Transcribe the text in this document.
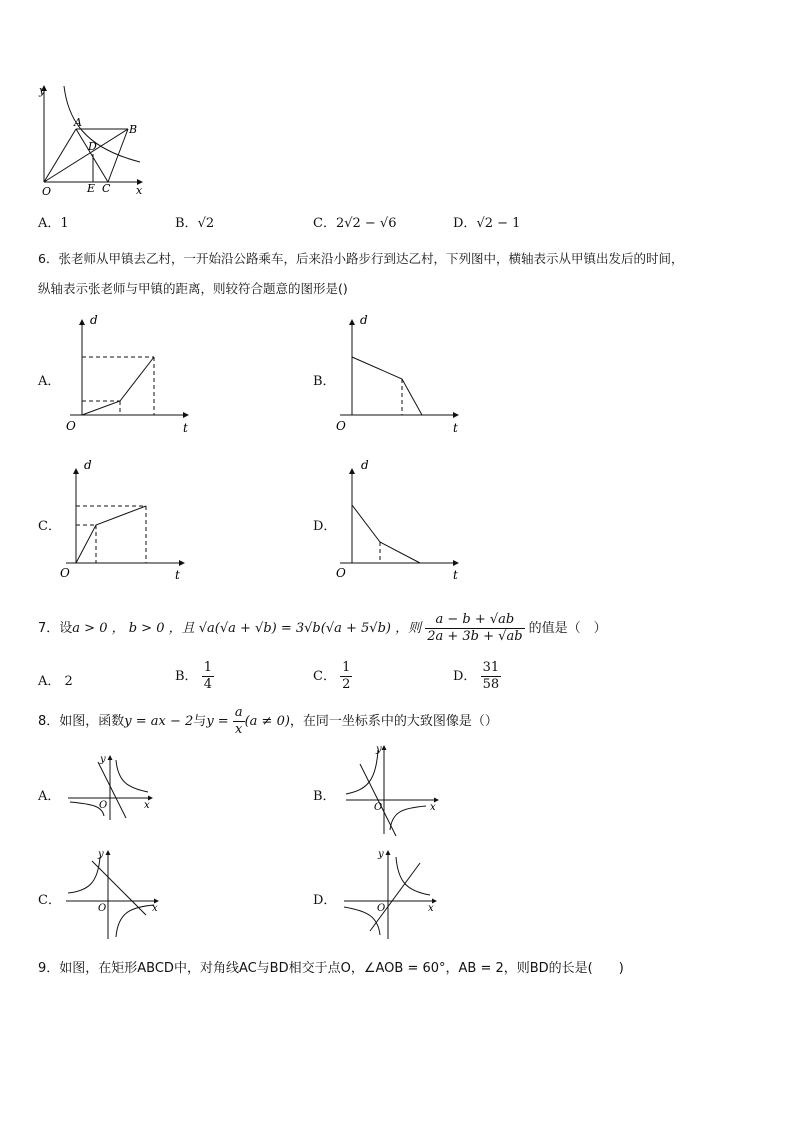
y
A
B
D
O	E C x
A．1	B．√2	C．2√2 − √6	D．√2 − 1
6．张老师从甲镇去乙村，一开始沿公路乘车，后来沿小路步行到达乙村，下列图中，横轴表示从甲镇出发后的时间，
纵轴表示张老师与甲镇的距离，则较符合题意的图形是()
A．
d
O	t
B．
d
O	t
C．
d
O	t
D．
d
O	t
7．设a > 0 ， b > 0 ，且 √a(√a + √b) = 3√b(√a + 5√b) ，则 $\frac{a - b + √ab}{2a + 3b + √ab}$ 的值是（　）
A． 2	B． $\frac{1}{4}$	C． $\frac{1}{2}$	D． $\frac{31}{58}$
8．如图，函数y = ax − 2与$y = \frac{a}{x} (a \ne 0)$，在同一坐标系中的大致图像是（）
A．
y
O	x
B．
y
O	x
C．
y
O	x
D．
y
O	x
9．如图，在矩形ABCD中，对角线AC与BD相交于点O，∠AOB = 60°，AB = 2，则BD的长是(　　)
